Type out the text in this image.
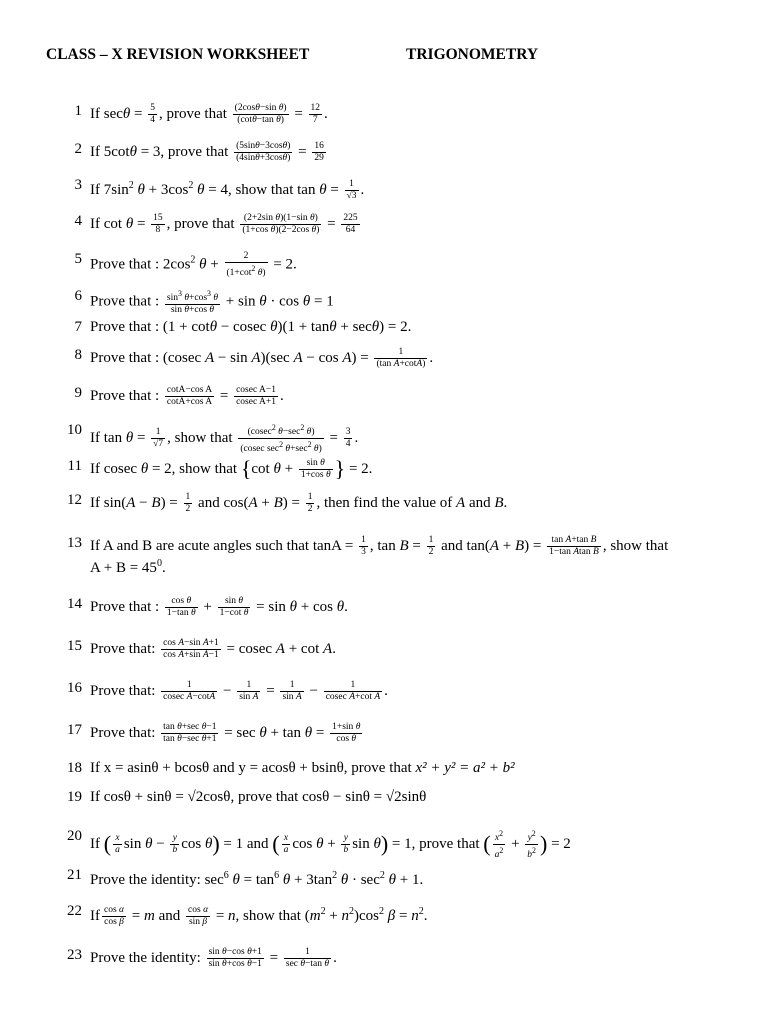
CLASS – X REVISION WORKSHEET	TRIGONOMETRY
1 If $\sec\theta = \frac{5}{4}$ , prove that $\frac{\text{(2cosθ−sin θ)}}{\text{(cotθ−tan θ)}} = \frac{12}{7}$ .
2 If 5cotθ = 3, prove that $\frac{(5\sin\theta-3\cos\theta)}{(4\sin\theta+3\cos\theta)} = \frac{16}{29}$
3 If $7\sin^2$ $\theta + 3\cos^2$ θ = 4, show that $\tan \theta = \frac{1}{√3}$ .
4 If $\cot \theta = \frac{15}{8}$ , prove that $\frac{\text{(2+2sin θ)(1−sin θ)}}{\text{(1+cos θ)(2−2cos θ)}} = \frac{225}{64}$
5 Prove that : $2\cos^2$ $\theta + \frac{2}{(1+\cot^2 \theta)} = 2$.
6 Prove that : $\frac{\sin^3 \theta+\cos^3 \theta}{\text{sin θ+cos θ}} + \sin \theta \cdot \cos \theta = 1$
7 Prove that : (1 + cotθ − cosec θ)(1 + tanθ + secθ) = 2.
8 Prove that : (cosec A − sin A)(sec $A - \cos A) = \frac{1}{\text{(tan A+cotA)}}$ .
9 Prove that : $\frac{\text{cotA−cos A}}{\text{cotA+cos A}} = \frac{\text{cosec A−1}}{\text{cosec A+1}}$ .
10
If $\tan \theta = \frac{1}{√7}$ , show that	(cosec$^2$ $\theta-\sec^2$ θ)
(cosec $\sec^2 \theta+\sec^2$ θ)
= $\frac{3}{4}$ .
11 If cosec θ = 2, show that {cot $\theta + \frac{\text{sin θ}}{\text{1+cos θ}}$ } = 2.
12 If $\sin(A - B) = \frac{1}{2}$ and $\cos(A + B) = \frac{1}{2}$ , then find the value of A and B.
13 If A and B are acute angles such that $\tan A = \frac{1}{3}$ , $\tan B = \frac{1}{2}$ and $\tan(A + B) = \frac{\text{tan A+tan B}}{\text{1−tan Atan B}}$ , show that
$A + B = 45^0$.
14 Prove that : $\frac{\text{cos θ}}{\text{1−tan θ}} + \frac{\text{sin θ}}{\text{1−cot θ}} = \sin \theta + \cos \theta$.
15 Prove that: $\frac{\text{cos A−sin A+1}}{\text{cos A+sin A−1}} = cosec$ A + cot A.
16 Prove that: $\frac{1}{\text{cosec A−cotA}} - \frac{1}{\text{sin A}} = \frac{1}{\text{sin A}} - \frac{1}{\text{cosec A+cot A}}$ .
17 Prove that: tan θ+sec θ−1
tan θ−sec $\theta+1 = \sec \theta + \tan \theta = \frac{\text{1+sin θ}}{\text{cos θ}}$
18 If x = asinθ + bcosθ and y = acosθ + bsinθ, prove that x² + y² = a² + b²
19 If cosθ + sinθ = √2cosθ, prove that cosθ − sinθ = √2sinθ
20
If ( $\frac{x}{a}$ $\sin \theta - \frac{y}{b}$ cos θ) = 1 and ( $\frac{x}{a}$ $\cos \theta + \frac{y}{b}$ sin θ) = 1, prove that ( $\frac{x^2}{a^2} + \frac{y^2}{b^2}$ ) = 2
21 Prove the identity: $\sec^6 \theta = \tan^6 \theta + 3\tan^2$ $\theta \cdot \sec^2 \theta + 1$.
22 If $\frac{\text{cos α}}{\text{cos β}} = m$ and $\frac{\text{cos α}}{\text{sin β}} = n$, show that $(m^2 + n^2)\cos^2$ $\beta = n^2$.
23 Prove the identity: $\frac{\text{sin θ−cos θ+1}}{\text{sin θ+cos θ−1}}$ =	1
sec θ−tan θ .
